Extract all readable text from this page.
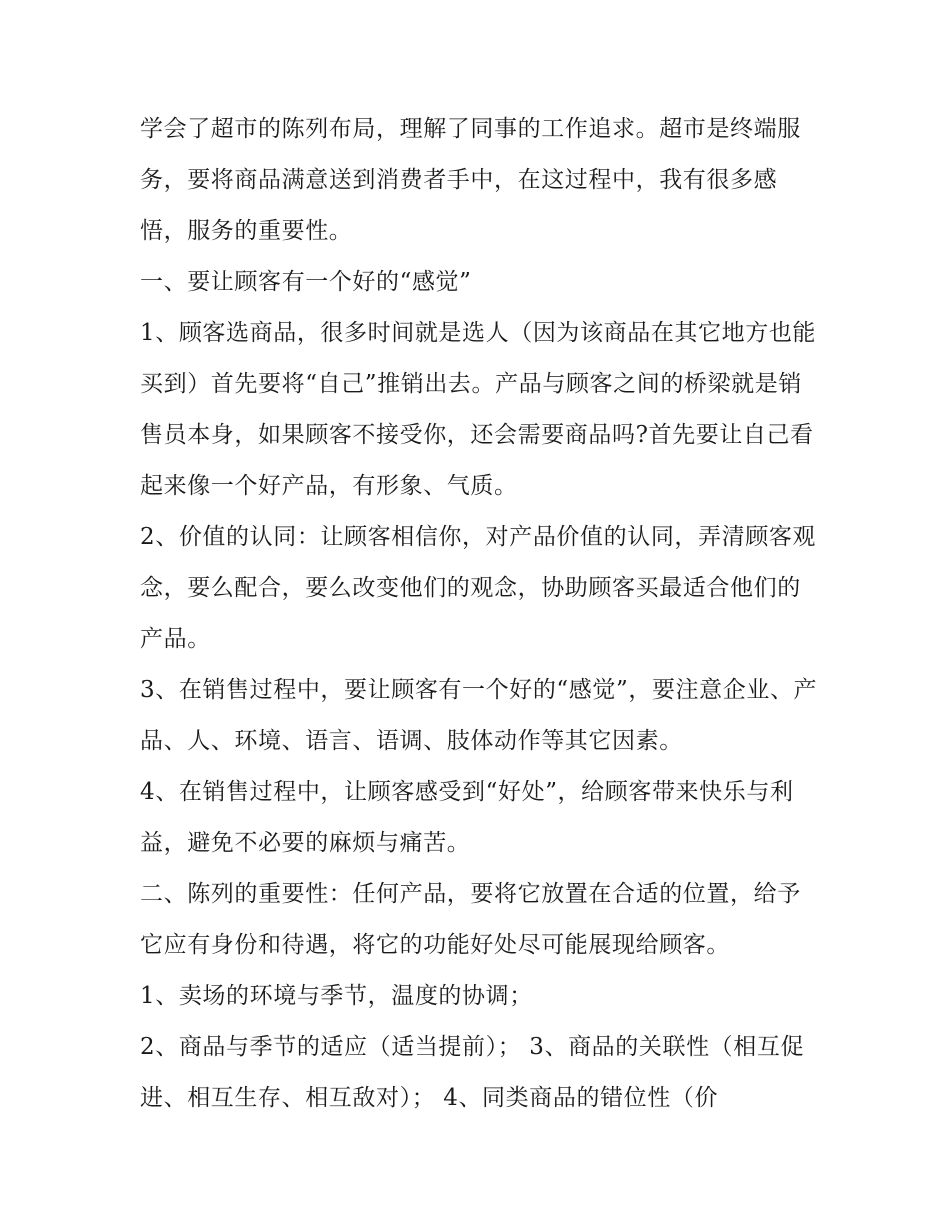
学会了超市的陈列布局，理解了同事的工作追求。超市是终端服务，要将商品满意送到消费者手中，在这过程中，我有很多感悟，服务的重要性。

一、要让顾客有一个好的“感觉”

1、顾客选商品，很多时间就是选人（因为该商品在其它地方也能买到）首先要将“自己”推销出去。产品与顾客之间的桥梁就是销售员本身，如果顾客不接受你，还会需要商品吗?首先要让自己看起来像一个好产品，有形象、气质。

2、价值的认同：让顾客相信你，对产品价值的认同，弄清顾客观念，要么配合，要么改变他们的观念，协助顾客买最适合他们的产品。

3、在销售过程中，要让顾客有一个好的“感觉”，要注意企业、产品、人、环境、语言、语调、肢体动作等其它因素。

4、在销售过程中，让顾客感受到“好处”，给顾客带来快乐与利益，避免不必要的麻烦与痛苦。

二、陈列的重要性：任何产品，要将它放置在合适的位置，给予它应有身份和待遇，将它的功能好处尽可能展现给顾客。

1、卖场的环境与季节，温度的协调；

2、商品与季节的适应（适当提前）； 3、商品的关联性（相互促进、相互生存、相互敌对）； 4、同类商品的错位性（价
